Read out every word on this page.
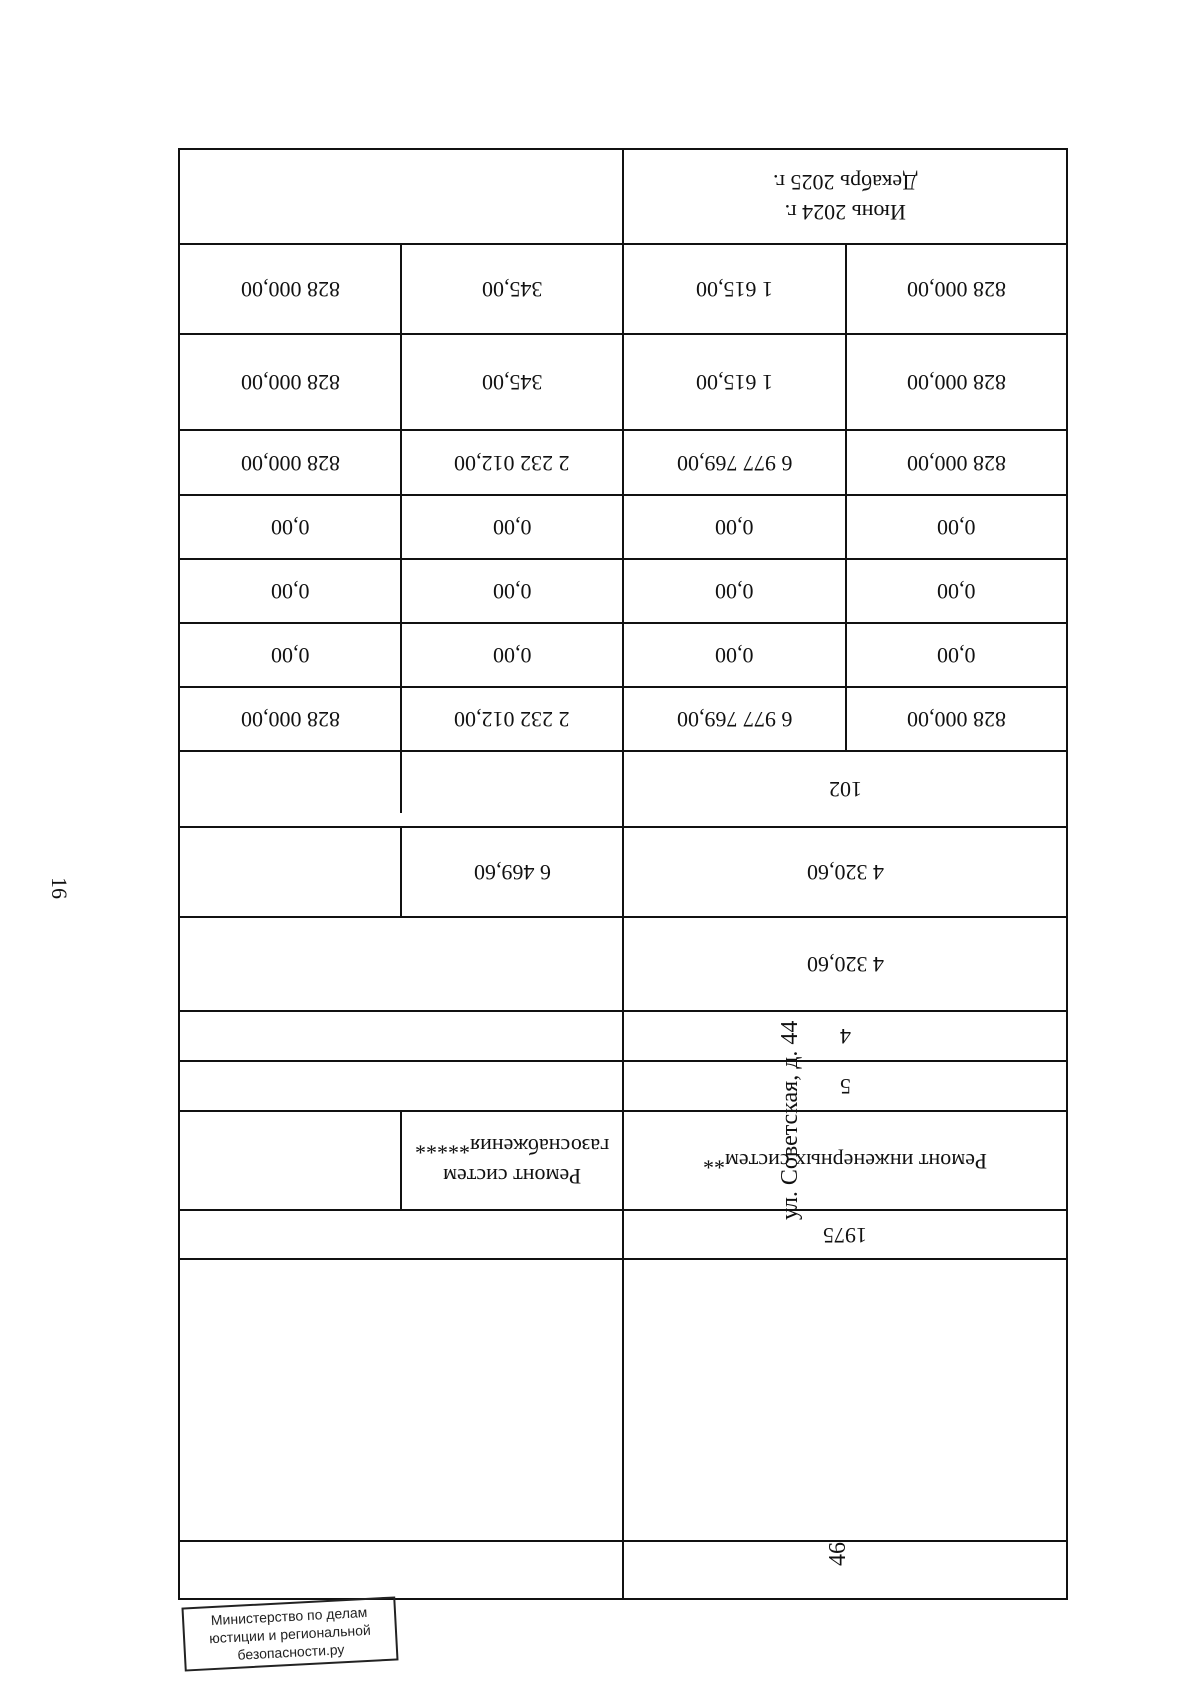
Июнь 2024 г.
Декабрь 2025 г.
828 000,00
1 615,00
345,00
828 000,00
828 000,00
1 615,00
345,00
828 000,00
828 000,00
6 977 769,00
2 232 012,00
828 000,00
0,00
0,00
0,00
0,00
0,00
0,00
0,00
0,00
0,00
0,00
0,00
0,00
828 000,00
6 977 769,00
2 232 012,00
828 000,00
102
4 320,60
6 469,60
4 320,60
4
5
Ремонт инженерных систем**
Ремонт систем
газоснабжения*****
1975
ул. Советская, д. 44
46
16
Министерство по делам
юстиции и региональной
безопасности.ру
